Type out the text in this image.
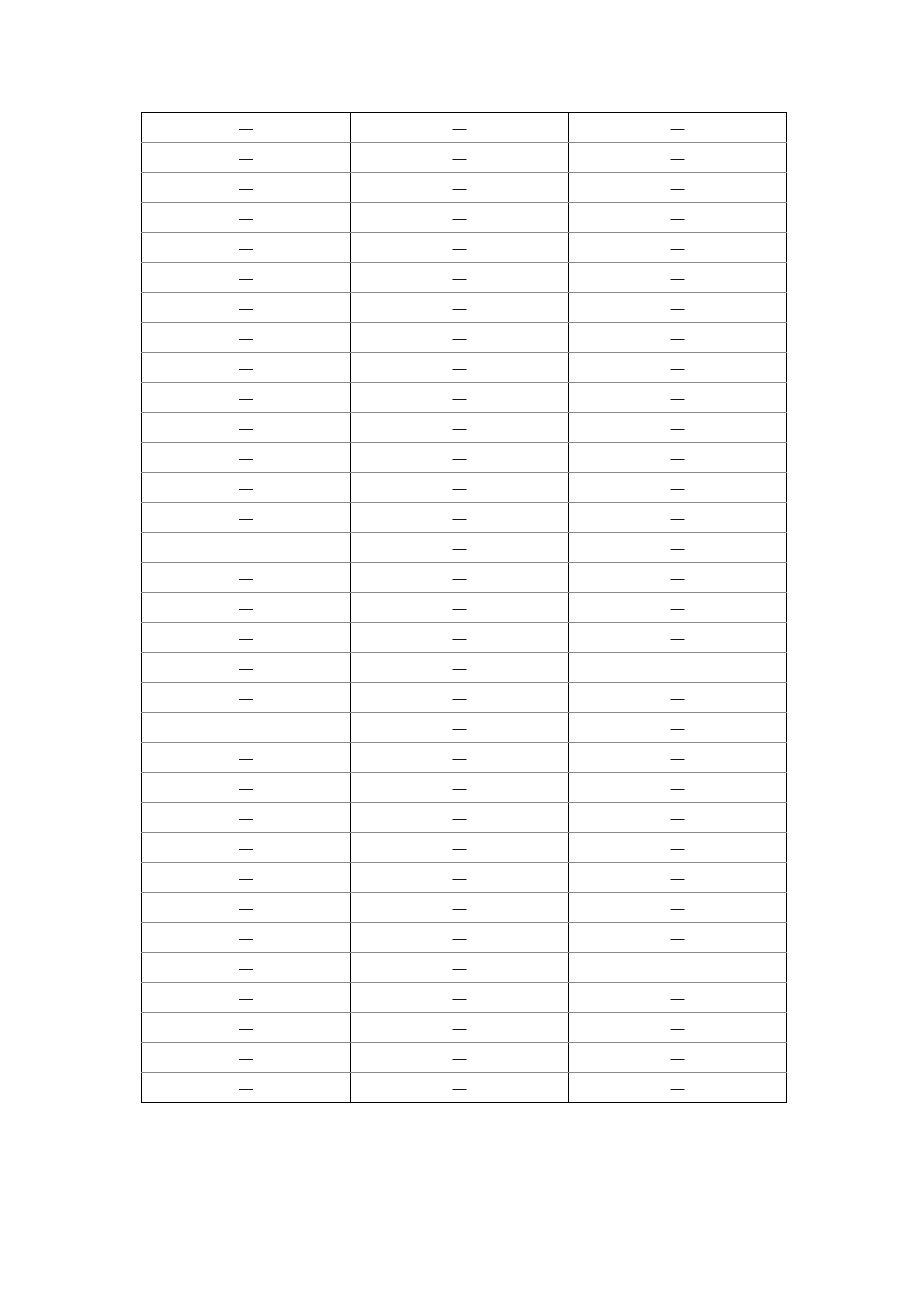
—	—	—
—	—	—
—	—	—
—	—	—
—	—	—
—	—	—
—	—	—
—	—	—
—	—	—
—	—	—
—	—	—
—	—	—
—	—	—
—	—	—
	—	—
—	—	—
—	—	—
—	—	—
—	—	
—	—	—
	—	—
—	—	—
—	—	—
—	—	—
—	—	—
—	—	—
—	—	—
—	—	—
—	—	
—	—	—
—	—	—
—	—	—
—	—	—
